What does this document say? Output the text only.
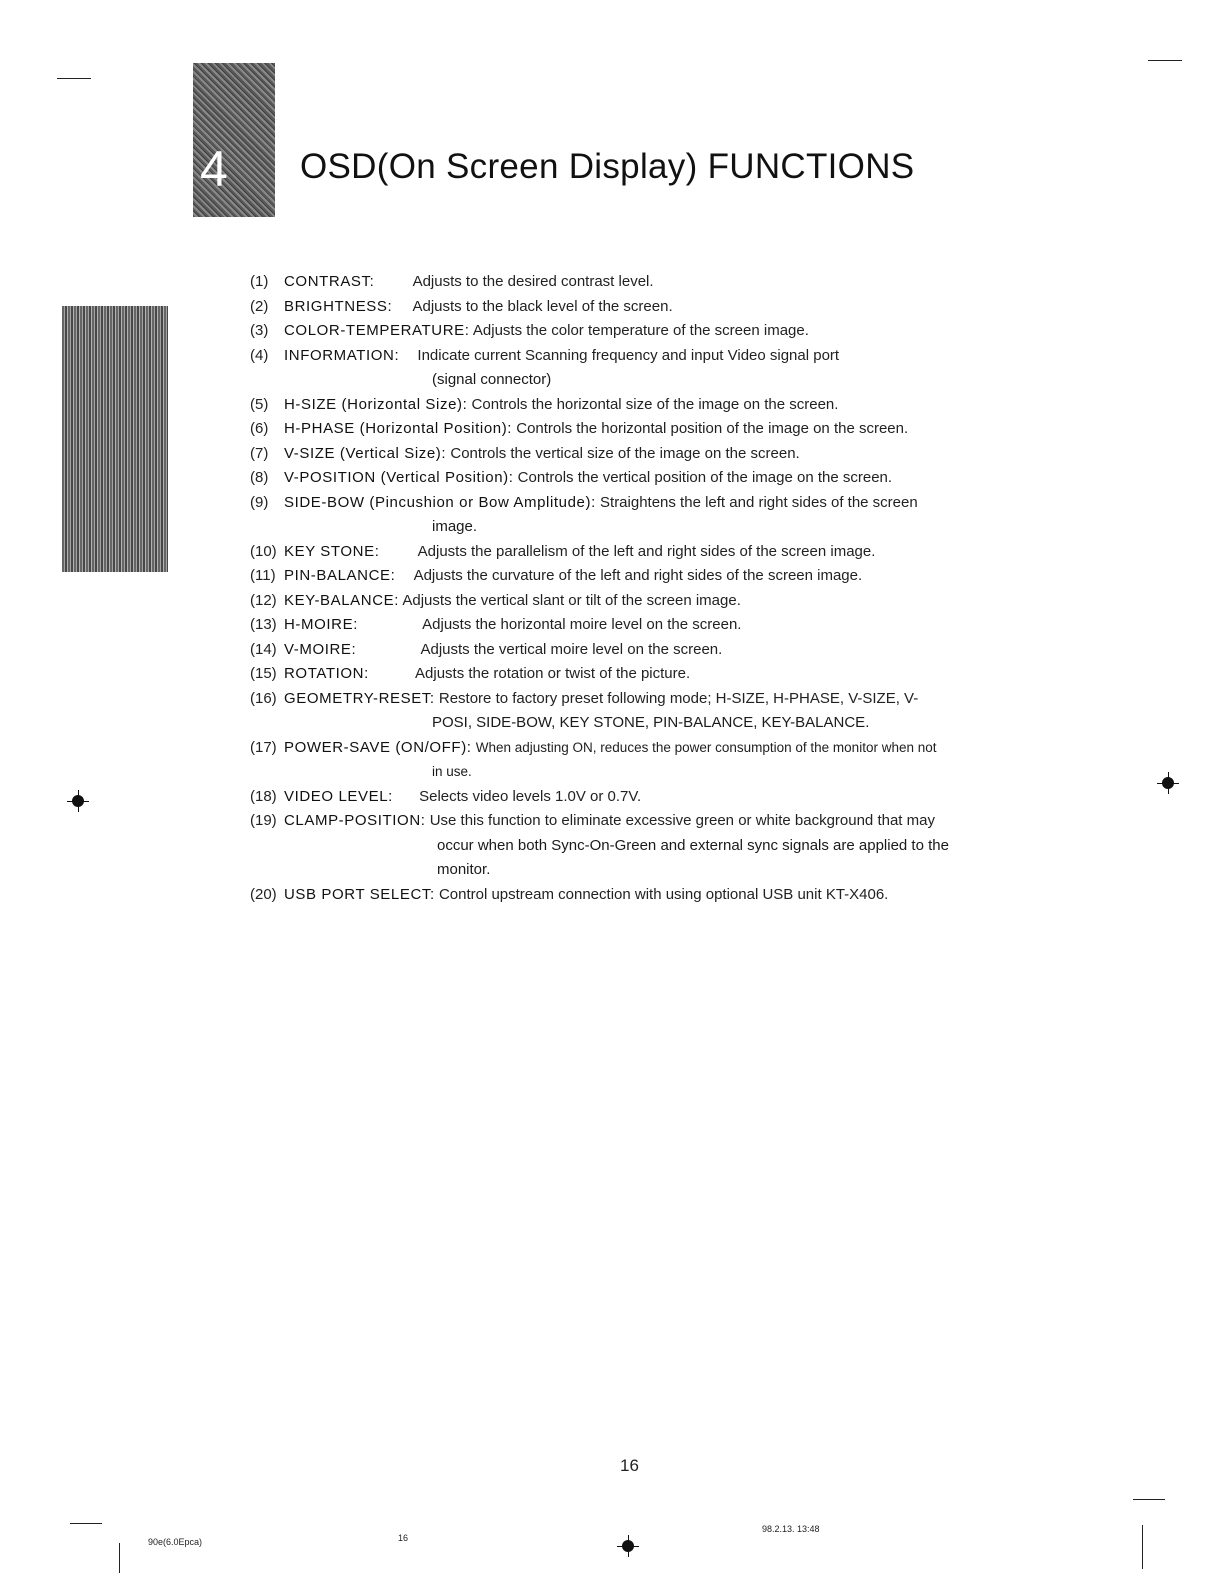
4 OSD(On Screen Display) FUNCTIONS
(1) CONTRAST:	Adjusts to the desired contrast level.
(2) BRIGHTNESS: Adjusts to the black level of the screen.
(3) COLOR-TEMPERATURE: Adjusts the color temperature of the screen image.
(4) INFORMATION: Indicate current Scanning frequency and input Video signal port
(signal connector)
(5) H-SIZE (Horizontal Size): Controls the horizontal size of the image on the screen.
(6) H-PHASE (Horizontal Position): Controls the horizontal position of the image on the screen.
(7) V-SIZE (Vertical Size): Controls the vertical size of the image on the screen.
(8) V-POSITION (Vertical Position): Controls the vertical position of the image on the screen.
(9) SIDE-BOW (Pincushion or Bow Amplitude): Straightens the left and right sides of the screen
image.
(10) KEY STONE:	Adjusts the parallelism of the left and right sides of the screen image.
(11) PIN-BALANCE: Adjusts the curvature of the left and right sides of the screen image.
(12) KEY-BALANCE: Adjusts the vertical slant or tilt of the screen image.
(13) H-MOIRE:	Adjusts the horizontal moire level on the screen.
(14) V-MOIRE:	Adjusts the vertical moire level on the screen.
(15) ROTATION:	Adjusts the rotation or twist of the picture.
(16) GEOMETRY-RESET: Restore to factory preset following mode; H-SIZE, H-PHASE, V-SIZE, V-
POSI, SIDE-BOW, KEY STONE, PIN-BALANCE, KEY-BALANCE.
(17) POWER-SAVE (ON/OFF): When adjusting ON, reduces the power consumption of the monitor when not
in use.
(18) VIDEO LEVEL: Selects video levels 1.0V or 0.7V.
(19) CLAMP-POSITION: Use this function to eliminate excessive green or white background that may
occur when both Sync-On-Green and external sync signals are applied to the
monitor.
(20) USB PORT SELECT: Control upstream connection with using optional USB unit KT-X406.
16
90e(6.0Epca)	16
98.2.13. 13:48
